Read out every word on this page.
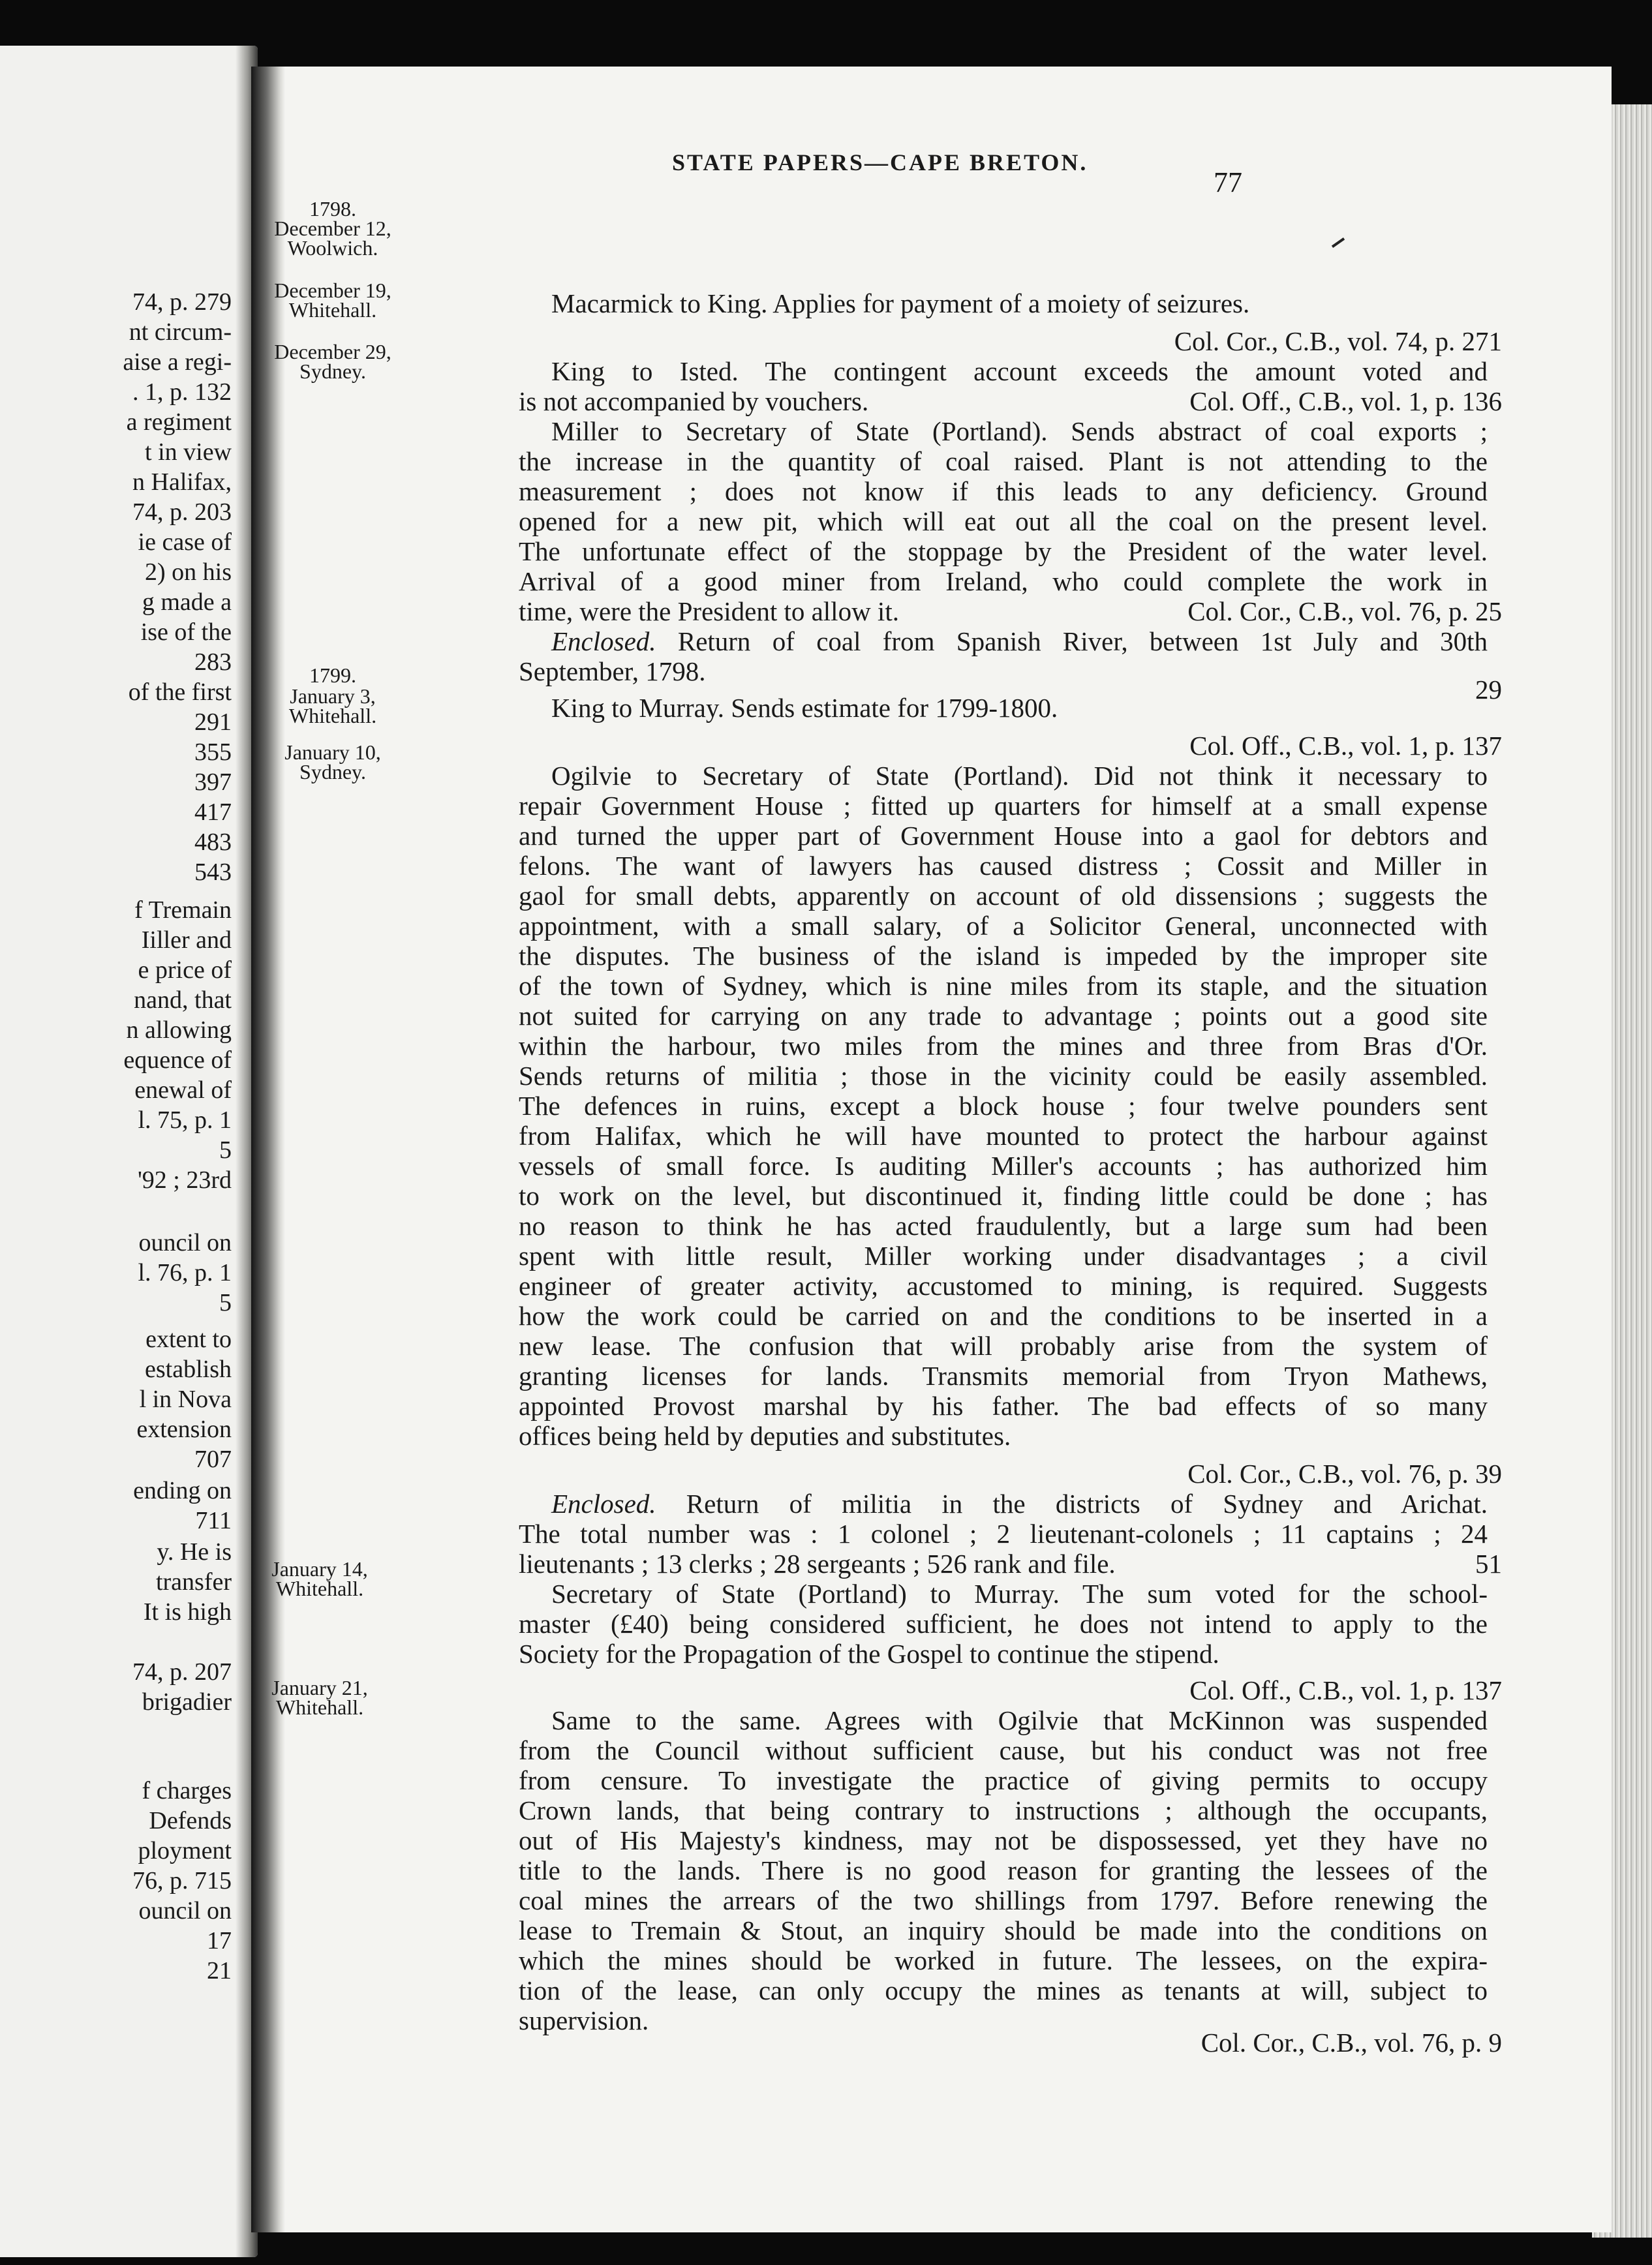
74, p. 279
nt circum-
aise a regi-
. 1, p. 132
a regiment
t in view
n Halifax,
74, p. 203
ie case of
2) on his
g made a
ise of the
283
of the first
291
355
397
417
483
543
f Tremain
Iiller and
e price of
nand, that
n allowing
equence of
enewal of
l. 75, p. 1
5
'92 ; 23rd
ouncil on
l. 76, p. 1
5
extent to
establish
l in Nova
extension
707
ending on
711
y. He is
transfer
It is high
74, p. 207
brigadier
f charges
Defends
ployment
76, p. 715
ouncil on
17
21
STATE PAPERS—CAPE BRETON.
77
1798.
December 12,
Woolwich.
December 19,
Whitehall.
December 29,
Sydney.
1799.
January 3,
Whitehall.
January 10,
Sydney.
January 14,
Whitehall.
January 21,
Whitehall.
Macarmick to King. Applies for payment of a moiety of seizures.
Col. Cor., C.B., vol. 74, p. 271
King to Isted. The contingent account exceeds the amount voted and
is not accompanied by vouchers.	Col. Off., C.B., vol. 1, p. 136
Miller to Secretary of State (Portland). Sends abstract of coal exports ;
the increase in the quantity of coal raised. Plant is not attending to the
measurement ; does not know if this leads to any deficiency. Ground
opened for a new pit, which will eat out all the coal on the present level.
The unfortunate effect of the stoppage by the President of the water level.
Arrival of a good miner from Ireland, who could complete the work in
time, were the President to allow it.	Col. Cor., C.B., vol. 76, p. 25
Enclosed. Return of coal from Spanish River, between 1st July and 30th
September, 1798.
29
King to Murray. Sends estimate for 1799-1800.
Col. Off., C.B., vol. 1, p. 137
Ogilvie to Secretary of State (Portland). Did not think it necessary to
repair Government House ; fitted up quarters for himself at a small expense
and turned the upper part of Government House into a gaol for debtors and
felons. The want of lawyers has caused distress ; Cossit and Miller in
gaol for small debts, apparently on account of old dissensions ; suggests the
appointment, with a small salary, of a Solicitor General, unconnected with
the disputes. The business of the island is impeded by the improper site
of the town of Sydney, which is nine miles from its staple, and the situation
not suited for carrying on any trade to advantage ; points out a good site
within the harbour, two miles from the mines and three from Bras d'Or.
Sends returns of militia ; those in the vicinity could be easily assembled.
The defences in ruins, except a block house ; four twelve pounders sent
from Halifax, which he will have mounted to protect the harbour against
vessels of small force. Is auditing Miller's accounts ; has authorized him
to work on the level, but discontinued it, finding little could be done ; has
no reason to think he has acted fraudulently, but a large sum had been
spent with little result, Miller working under disadvantages ; a civil
engineer of greater activity, accustomed to mining, is required. Suggests
how the work could be carried on and the conditions to be inserted in a
new lease. The confusion that will probably arise from the system of
granting licenses for lands. Transmits memorial from Tryon Mathews,
appointed Provost marshal by his father. The bad effects of so many
offices being held by deputies and substitutes.
Col. Cor., C.B., vol. 76, p. 39
Enclosed. Return of militia in the districts of Sydney and Arichat.
The total number was : 1 colonel ; 2 lieutenant-colonels ; 11 captains ; 24
lieutenants ; 13 clerks ; 28 sergeants ; 526 rank and file.	51
Secretary of State (Portland) to Murray. The sum voted for the school-
master (£40) being considered sufficient, he does not intend to apply to the
Society for the Propagation of the Gospel to continue the stipend.
Col. Off., C.B., vol. 1, p. 137
Same to the same. Agrees with Ogilvie that McKinnon was suspended
from the Council without sufficient cause, but his conduct was not free
from censure. To investigate the practice of giving permits to occupy
Crown lands, that being contrary to instructions ; although the occupants,
out of His Majesty's kindness, may not be dispossessed, yet they have no
title to the lands. There is no good reason for granting the lessees of the
coal mines the arrears of the two shillings from 1797. Before renewing the
lease to Tremain & Stout, an inquiry should be made into the conditions on
which the mines should be worked in future. The lessees, on the expira-
tion of the lease, can only occupy the mines as tenants at will, subject to
supervision.
Col. Cor., C.B., vol. 76, p. 9
